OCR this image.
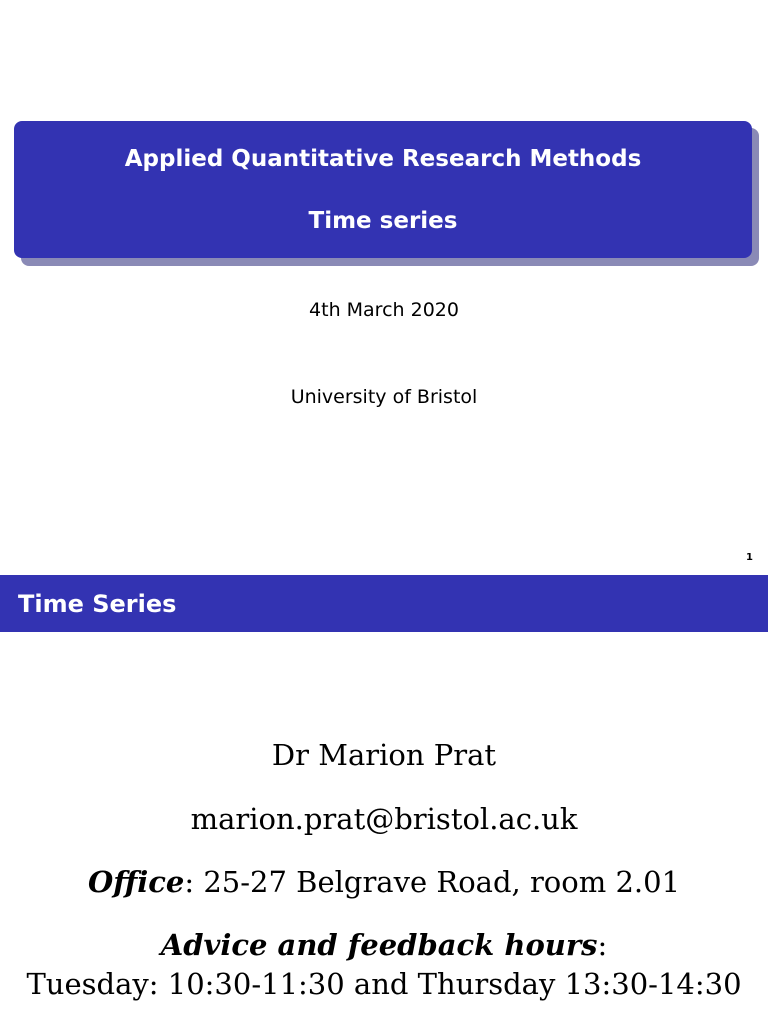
Applied Quantitative Research Methods
Time series
4th March 2020
University of Bristol
1
Time Series
Dr Marion Prat
marion.prat@bristol.ac.uk
Office: 25-27 Belgrave Road, room 2.01
Advice and feedback hours:
Tuesday: 10:30-11:30 and Thursday 13:30-14:30
